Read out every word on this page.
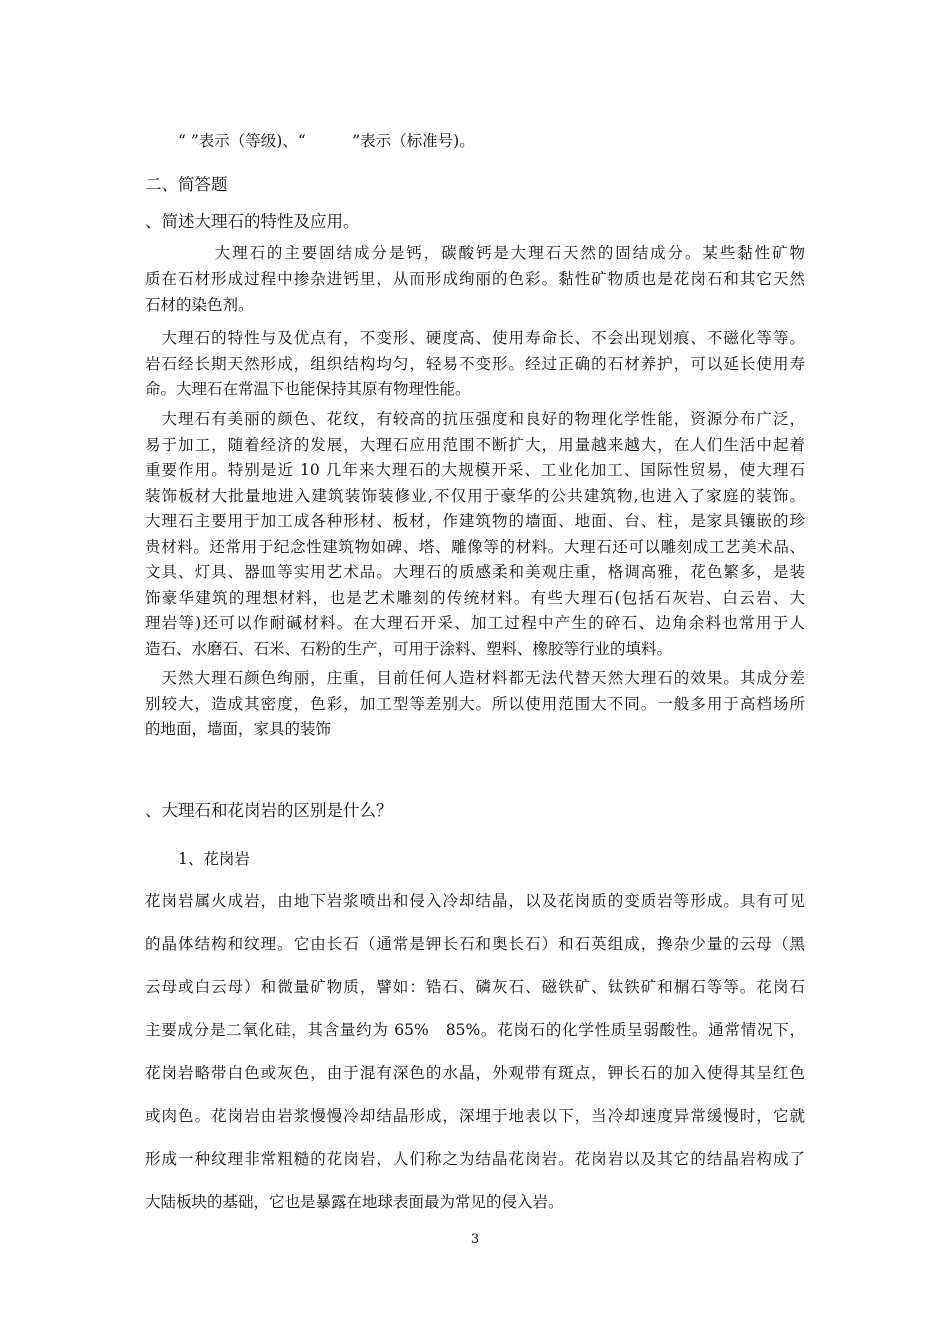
“ ”表示（等级)、“　　　”表示（标准号)。
二、简答题
、简述大理石的特性及应用。
　　　　大理石的主要固结成分是钙，碳酸钙是大理石天然的固结成分。某些黏性矿物
质在石材形成过程中掺杂进钙里，从而形成绚丽的色彩。黏性矿物质也是花岗石和其它天然
石材的染色剂。
　大理石的特性与及优点有，不变形、硬度高、使用寿命长、不会出现划痕、不磁化等等。
岩石经长期天然形成，组织结构均匀，轻易不变形。经过正确的石材养护，可以延长使用寿
命。大理石在常温下也能保持其原有物理性能。
　大理石有美丽的颜色、花纹，有较高的抗压强度和良好的物理化学性能，资源分布广泛，
易于加工，随着经济的发展，大理石应用范围不断扩大，用量越来越大，在人们生活中起着
重要作用。特别是近 10 几年来大理石的大规模开采、工业化加工、国际性贸易，使大理石
装饰板材大批量地进入建筑装饰装修业,不仅用于豪华的公共建筑物,也进入了家庭的装饰。
大理石主要用于加工成各种形材、板材，作建筑物的墙面、地面、台、柱，是家具镶嵌的珍
贵材料。还常用于纪念性建筑物如碑、塔、雕像等的材料。大理石还可以雕刻成工艺美术品、
文具、灯具、器皿等实用艺术品。大理石的质感柔和美观庄重，格调高雅，花色繁多，是装
饰豪华建筑的理想材料，也是艺术雕刻的传统材料。有些大理石(包括石灰岩、白云岩、大
理岩等)还可以作耐碱材料。在大理石开采、加工过程中产生的碎石、边角余料也常用于人
造石、水磨石、石米、石粉的生产，可用于涂料、塑料、橡胶等行业的填料。
　天然大理石颜色绚丽，庄重，目前任何人造材料都无法代替天然大理石的效果。其成分差
别较大，造成其密度，色彩，加工型等差别大。所以使用范围大不同。一般多用于高档场所
的地面，墙面，家具的装饰
、大理石和花岗岩的区别是什么？
1、花岗岩
花岗岩属火成岩，由地下岩浆喷出和侵入冷却结晶，以及花岗质的变质岩等形成。具有可见
的晶体结构和纹理。它由长石（通常是钾长石和奥长石）和石英组成，搀杂少量的云母（黑
云母或白云母）和微量矿物质，譬如：锆石、磷灰石、磁铁矿、钛铁矿和榍石等等。花岗石
主要成分是二氧化硅，其含量约为 65%　85%。花岗石的化学性质呈弱酸性。通常情况下，
花岗岩略带白色或灰色，由于混有深色的水晶，外观带有斑点，钾长石的加入使得其呈红色
或肉色。花岗岩由岩浆慢慢冷却结晶形成，深埋于地表以下，当冷却速度异常缓慢时，它就
形成一种纹理非常粗糙的花岗岩，人们称之为结晶花岗岩。花岗岩以及其它的结晶岩构成了
大陆板块的基础，它也是暴露在地球表面最为常见的侵入岩。
3
